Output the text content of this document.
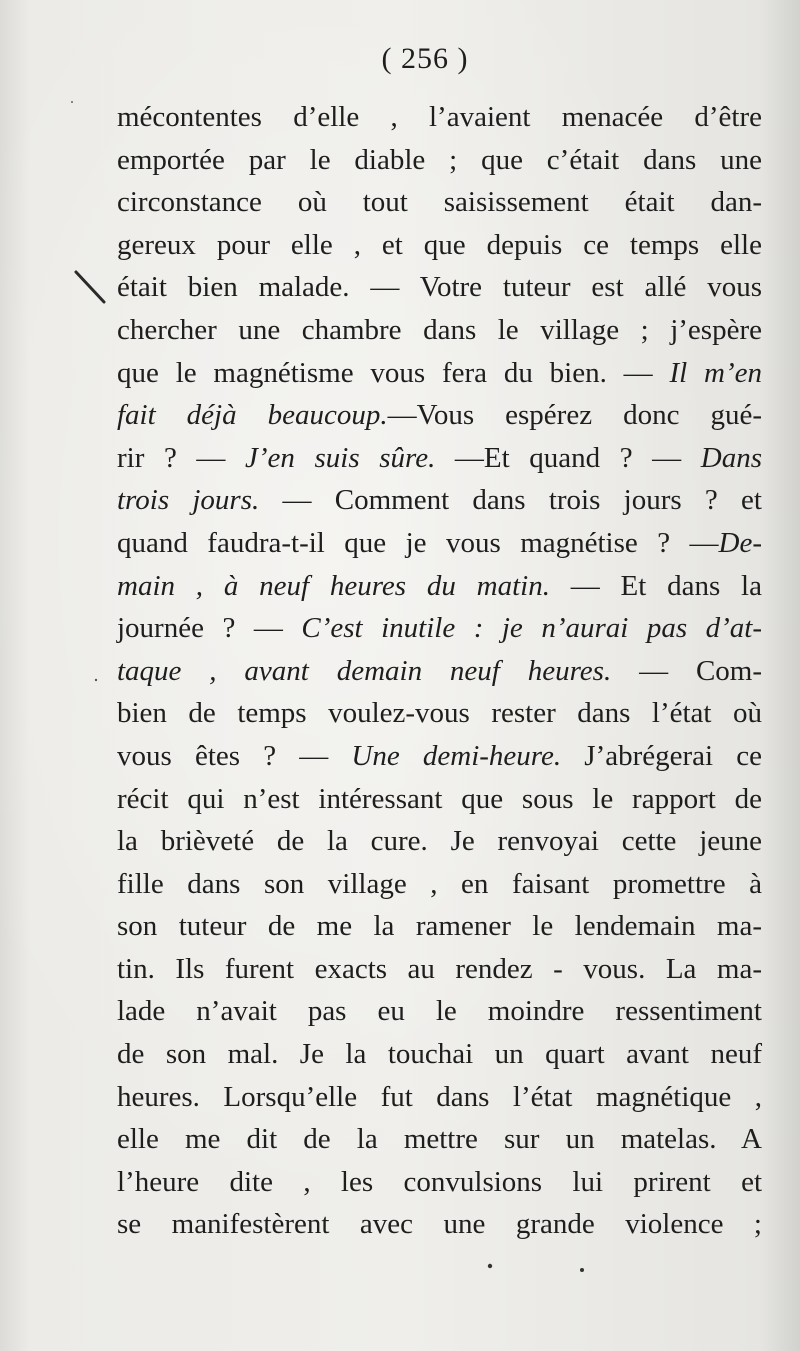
( 256 )
mécontentes d’elle , l’avaient menacée d’être
emportée par le diable ; que c’était dans une
circonstance où tout saisissement était dan-
gereux pour elle , et que depuis ce temps elle
était bien malade. — Votre tuteur est allé vous
chercher une chambre dans le village ; j’espère
que le magnétisme vous fera du bien. — Il m’en
fait déjà beaucoup.—Vous espérez donc gué-
rir ? — J’en suis sûre. —Et quand ? — Dans
trois jours. — Comment dans trois jours ? et
quand faudra-t-il que je vous magnétise ? —De-
main , à neuf heures du matin. — Et dans la
journée ? — C’est inutile : je n’aurai pas d’at-
taque , avant demain neuf heures. — Com-
bien de temps voulez-vous rester dans l’état où
vous êtes ? — Une demi-heure. J’abrégerai ce
récit qui n’est intéressant que sous le rapport de
la brièveté de la cure. Je renvoyai cette jeune
fille dans son village , en faisant promettre à
son tuteur de me la ramener le lendemain ma-
tin. Ils furent exacts au rendez - vous. La ma-
lade n’avait pas eu le moindre ressentiment
de son mal. Je la touchai un quart avant neuf
heures. Lorsqu’elle fut dans l’état magnétique ,
elle me dit de la mettre sur un matelas. A
l’heure dite , les convulsions lui prirent et
se manifestèrent avec une grande violence ;
